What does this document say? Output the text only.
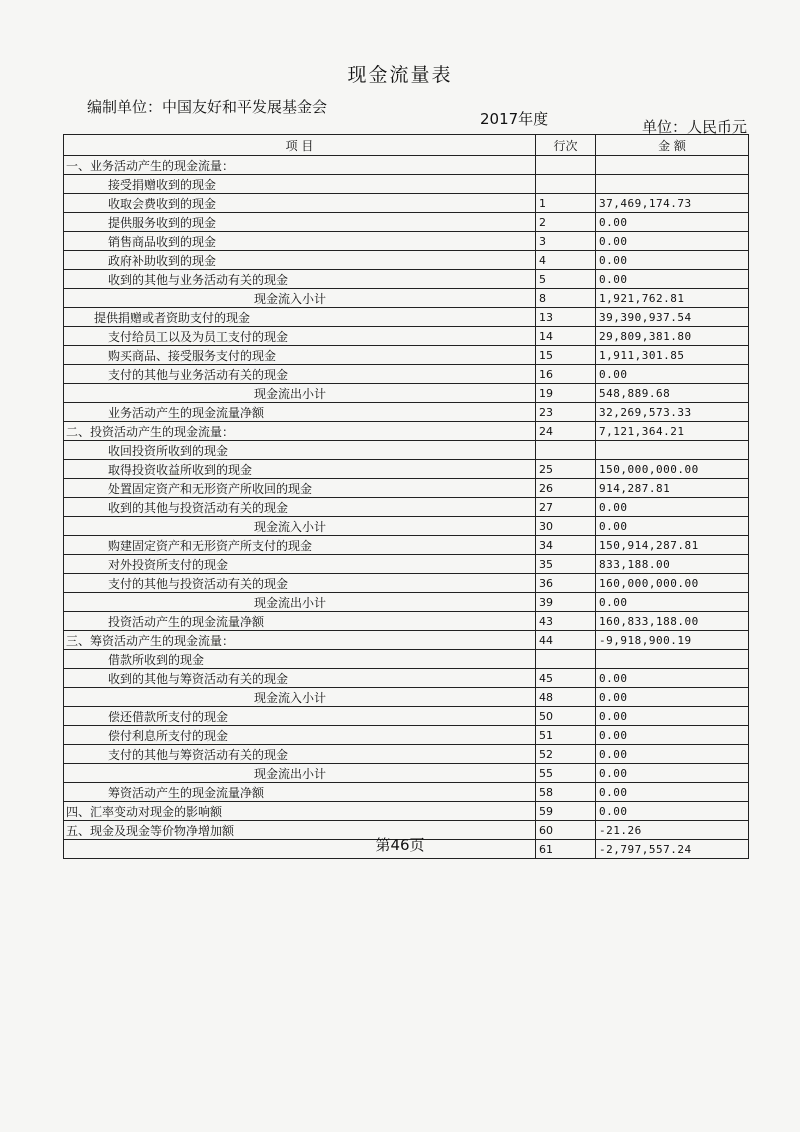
现金流量表
编制单位：中国友好和平发展基金会
2017年度	单位：人民币元
项 目	行次	金 额
一、业务活动产生的现金流量：		
接受捐赠收到的现金		
收取会费收到的现金	1	37,469,174.73
提供服务收到的现金	2	0.00
销售商品收到的现金	3	0.00
政府补助收到的现金	4	0.00
收到的其他与业务活动有关的现金	5	0.00
现金流入小计	8	1,921,762.81
提供捐赠或者资助支付的现金	13	39,390,937.54
支付给员工以及为员工支付的现金	14	29,809,381.80
购买商品、接受服务支付的现金	15	1,911,301.85
支付的其他与业务活动有关的现金	16	0.00
现金流出小计	19	548,889.68
业务活动产生的现金流量净额	23	32,269,573.33
二、投资活动产生的现金流量：	24	7,121,364.21
收回投资所收到的现金		
取得投资收益所收到的现金	25	150,000,000.00
处置固定资产和无形资产所收回的现金	26	914,287.81
收到的其他与投资活动有关的现金	27	0.00
现金流入小计	30	0.00
购建固定资产和无形资产所支付的现金	34	150,914,287.81
对外投资所支付的现金	35	833,188.00
支付的其他与投资活动有关的现金	36	160,000,000.00
现金流出小计	39	0.00
投资活动产生的现金流量净额	43	160,833,188.00
三、筹资活动产生的现金流量：	44	-9,918,900.19
借款所收到的现金		
收到的其他与筹资活动有关的现金	45	0.00
现金流入小计	48	0.00
偿还借款所支付的现金	50	0.00
偿付利息所支付的现金	51	0.00
支付的其他与筹资活动有关的现金	52	0.00
现金流出小计	55	0.00
筹资活动产生的现金流量净额	58	0.00
四、汇率变动对现金的影响额	59	0.00
五、现金及现金等价物净增加额	60	-21.26
	61	-2,797,557.24
第46页
